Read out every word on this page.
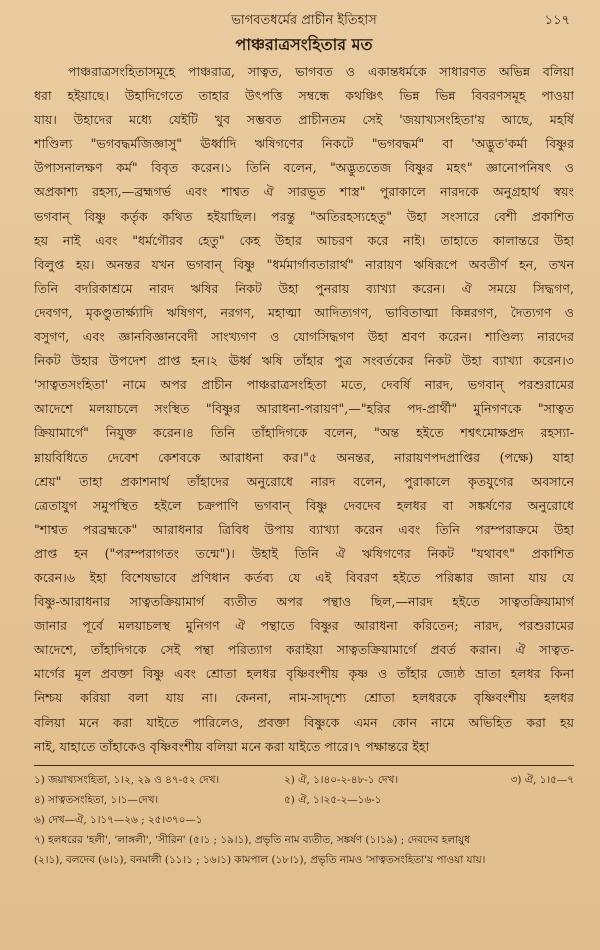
ভাগবতধর্মের প্রাচীন ইতিহাস	১১৭
পাঞ্চরাত্রসংহিতার মত
পাঞ্চরাত্রসংহিতাসমূহে পাঞ্চরাত্র, সাত্বত, ভাগবত ও একান্তধর্মকে সাধারণত অভিন্ন বলিয়া
ধরা হইয়াছে। উহাদিগেতে তাহার উৎপত্তি সম্বন্ধে কথঞ্চিৎ ভিন্ন ভিন্ন বিবরণসমূহ পাওয়া
যায়। উহাদের মধ্যে যেইটি খুব সম্ভবত প্রাচীনতম সেই 'জয়াখ্যসংহিতা'য় আছে, মহর্ষি
শাণ্ডিল্য "ভগবদ্ধর্মজিজ্ঞাসু" ঊর্ধ্বাদি ঋষিগণের নিকটে "ভগবদ্ধর্ম" বা 'অদ্ভুত'কর্মা বিষ্ণুর
উপাসনালক্ষণ কর্ম" বিবৃত করেন।১ তিনি বলেন, "অদ্ভুততেজ বিষ্ণুর মহৎ" জ্ঞানোপনিষৎ ও
অপ্রকাশ্য রহস্য,—ব্রহ্মগর্ভ এবং শাশ্বত ঐ সারভূত শাস্ত্র" পুরাকালে নারদকে অনুগ্রহার্থ স্বয়ং
ভগবান্ বিষ্ণু কর্তৃক কথিত হইয়াছিল। পরন্তু "অতিরহস্যহেতু" উহা সংসারে বেশী প্রকাশিত
হয় নাই এবং "ধর্মগৌরব হেতু" কেহ উহার আচরণ করে নাই। তাহাতে কালান্তরে উহা
বিলুপ্ত হয়। অনন্তর যখন ভগবান্ বিষ্ণু "ধর্মমার্গাবতারার্থ" নারায়ণ ঋষিরূপে অবতীর্ণ হন, তখন
তিনি বদরিকাশ্রমে নারদ ঋষির নিকট উহা পুনরায় ব্যাখ্যা করেন। ঐ সময়ে সিদ্ধগণ,
দেবগণ, মৃকণ্ডুতার্ক্ষ্যাদি ঋষিগণ, নরগণ, মহাত্মা আদিত্যগণ, ভাবিতাত্মা কিন্নরগণ, দৈত্যগণ ও
বসুগণ, এবং জ্ঞানবিজ্ঞানবেদী সাংখ্যগণ ও যোগসিদ্ধগণ উহা শ্রবণ করেন। শাণ্ডিল্য নারদের
নিকট উহার উপদেশ প্রাপ্ত হন।২ ঊর্ধ্ব ঋষি তাঁহার পুত্র সংবর্তকের নিকট উহা ব্যাখ্যা করেন।৩
'সাত্বতসংহিতা' নামে অপর প্রাচীন পাঞ্চরাত্রসংহিতা মতে, দেবর্ষি নারদ, ভগবান্ পরশুরামের
আদেশে মলয়াচলে সংস্থিত "বিষ্ণুর আরাধনা-পরায়ণ",—"হরির পদ-প্রার্থী" মুনিগণকে "সাত্বত
ক্রিয়ামার্গে" নিযুক্ত করেন।৪ তিনি তাঁহাদিগকে বলেন, "অন্ত হইতে শশ্বৎমোক্ষপ্রদ রহস্যা-
ম্নায়বিধিতে দেবেশ কেশবকে আরাধনা কর।"৫ অনন্তর, নারায়ণপদপ্রাপ্তির (পক্ষে) যাহা
শ্রেয়" তাহা প্রকাশনার্থ তাঁহাদের অনুরোধে নারদ বলেন, পুরাকালে কৃতযুগের অবসানে
ত্রেতাযুগ সমুপস্থিত হইলে চক্রপাণি ভগবান্ বিষ্ণু দেবদেব হলধর বা সঙ্কর্ষণের অনুরোধে
"শাশ্বত পরব্রহ্মকে" আরাধনার ত্রিবিধ উপায় ব্যাখ্যা করেন এবং তিনি পরম্পরাক্রমে উহা
প্রাপ্ত হন ("পরম্পরাগতং তন্মে")। উহাই তিনি ঐ ঋষিগণের নিকট "যথাবৎ" প্রকাশিত
করেন।৬ ইহা বিশেষভাবে প্রণিধান কর্তব্য যে এই বিবরণ হইতে পরিষ্কার জানা যায় যে
বিষ্ণু-আরাধনার সাত্বতক্রিয়ামার্গ ব্যতীত অপর পন্থাও ছিল,—নারদ হইতে সাত্বতক্রিয়ামার্গ
জানার পূর্বে মলয়াচলস্থ মুনিগণ ঐ পন্থাতে বিষ্ণুর আরাধনা করিতেন; নারদ, পরশুরামের
আদেশে, তাঁহাদিগকে সেই পন্থা পরিত্যাগ করাইয়া সাত্বতক্রিয়ামার্গে প্রবর্ত করান। ঐ সাত্বত-
মার্গের মূল প্রবক্তা বিষ্ণু এবং শ্রোতা হলধর বৃষ্ণিবংশীয় কৃষ্ণ ও তাঁহার জ্যেষ্ঠ ভ্রাতা হলধর কিনা
নিশ্চয় করিয়া বলা যায় না। কেননা, নাম-সাদৃশ্যে শ্রোতা হলধরকে বৃষ্ণিবংশীয় হলধর
বলিয়া মনে করা যাইতে পারিলেও, প্রবক্তা বিষ্ণুকে এমন কোন নামে অভিহিত করা হয়
নাই, যাহাতে তাঁহাকেও বৃষ্ণিবংশীয় বলিয়া মনে করা যাইতে পারে।৭ পক্ষান্তরে ইহা
১) জয়াখ্যসংহিতা, ১।২, ২৯ ও ৪৭-৫২ দেখ।	২) ঐ, ১।৪০-২-৪৮-১ দেখ।	৩) ঐ, ১।৫—৭
৪) সাত্বতসংহিতা, ১।১—দেখ।	৫) ঐ, ১।২৫-২—১৬-১
৬) দেখ—ঐ, ১।১৭—২৬ ; ২৫।৩৭০—১
৭) হলধরের 'হলী', 'লাঙ্গলী', 'সীরিন' (৫।১ ; ১৯।১), প্রভৃতি নাম ব্যতীত, সঙ্কর্ষণ (১।১৯) ; দেবদেব হলায়ুধ
(২।১), বলদেব (৬।১), বনমালী (১১।১ ; ১৬।১) কামপাল (১৮।১), প্রভৃতি নামও 'সাত্বতসংহিতা'য় পাওয়া যায়।
